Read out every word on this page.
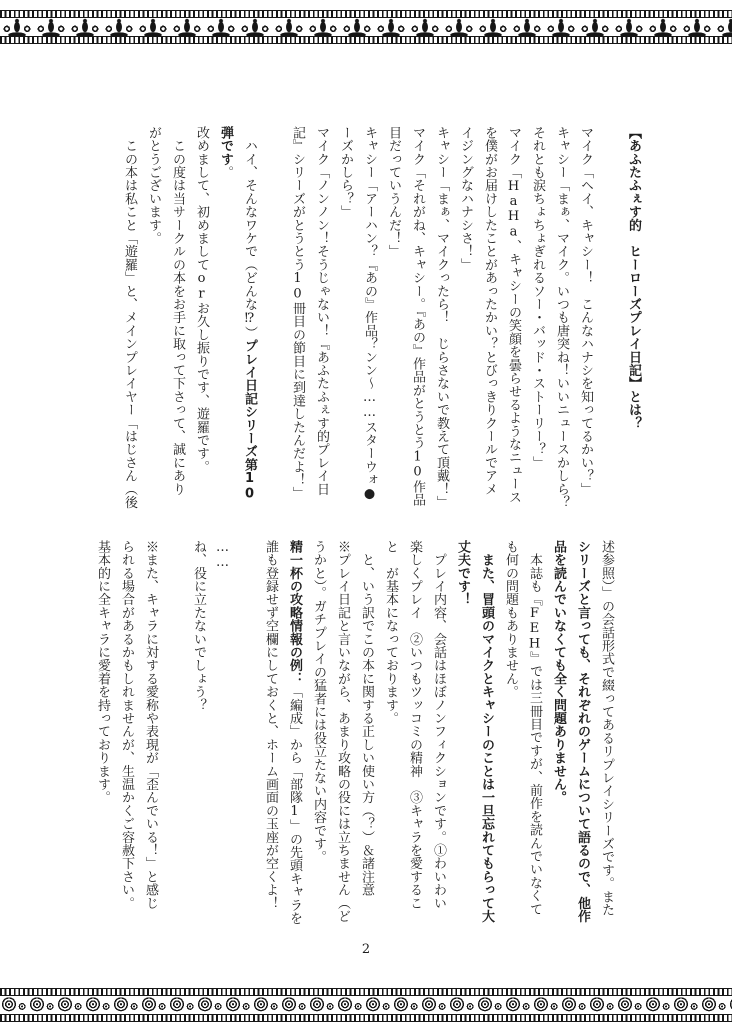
【あふたふぇす的　ヒーローズプレイ日記】とは？

マイク「ヘイ、キャシー！　こんなハナシを知ってるかい？」
キャシー「まぁ、マイク。いつも唐突ね！いいニュースかしら？
それとも涙ちょちょぎれるソー・バッド・ストーリー？」
マイク「HaHa、キャシーの笑顔を曇らせるようなニュース
を僕がお届けしたことがあったかい？とびっきりクールでアメ
イジングなハナシさ！」
キャシー「まぁ、マイクったら！　じらさないで教えて頂戴！」
マイク「それがね、キャシー。『あの』作品がとうとう10作品
目だっていうんだ！」
キャシー「アーハン？『あの』作品？ンン〜……スターウォ●
ーズかしら？」
マイク「ノンノン！そうじゃない！『あふたふぇす的プレイ日
記』シリーズがとうとう10冊目の節目に到達したんだよ！」

　ハイ、そんなワケで（どんな⁉）プレイ日記シリーズ第10
弾です。
改めまして、初めましてorお久し振りです、遊羅です。
　この度は当サークルの本をお手に取って下さって、誠にあり
がとうございます。
　この本は私こと「遊羅」と、メインプレイヤー「はじさん（後
述参照）」の会話形式で綴ってあるリプレイシリーズです。また
シリーズと言っても、それぞれのゲームについて語るので、他作
品を読んでいなくても全く問題ありません。
　本誌も『FEH』では三冊目ですが、前作を読んでいなくて
も何の問題もありません。
　また、冒頭のマイクとキャシーのことは一旦忘れてもらって大
丈夫です！
　プレイ内容、会話はほぼノンフィクションです。①わいわい
楽しくプレイ　②いつもツッコミの精神　③キャラを愛するこ
と　が基本になっております。
　と、いう訳でこの本に関する正しい使い方（？）＆諸注意
※プレイ日記と言いながら、あまり攻略の役には立ちません（ど
うかと）。ガチプレイの猛者には役立たない内容です。
精一杯の攻略情報の例：「編成」から「部隊1」の先頭キャラを
誰も登録せず空欄にしておくと、ホーム画面の玉座が空くよ！

……
ね、役に立たないでしょう？

※また、キャラに対する愛称や表現が「歪んでいる！」と感じ
られる場合があるかもしれませんが、生温かくご容赦下さい。
基本的に全キャラに愛着を持っております。
2
